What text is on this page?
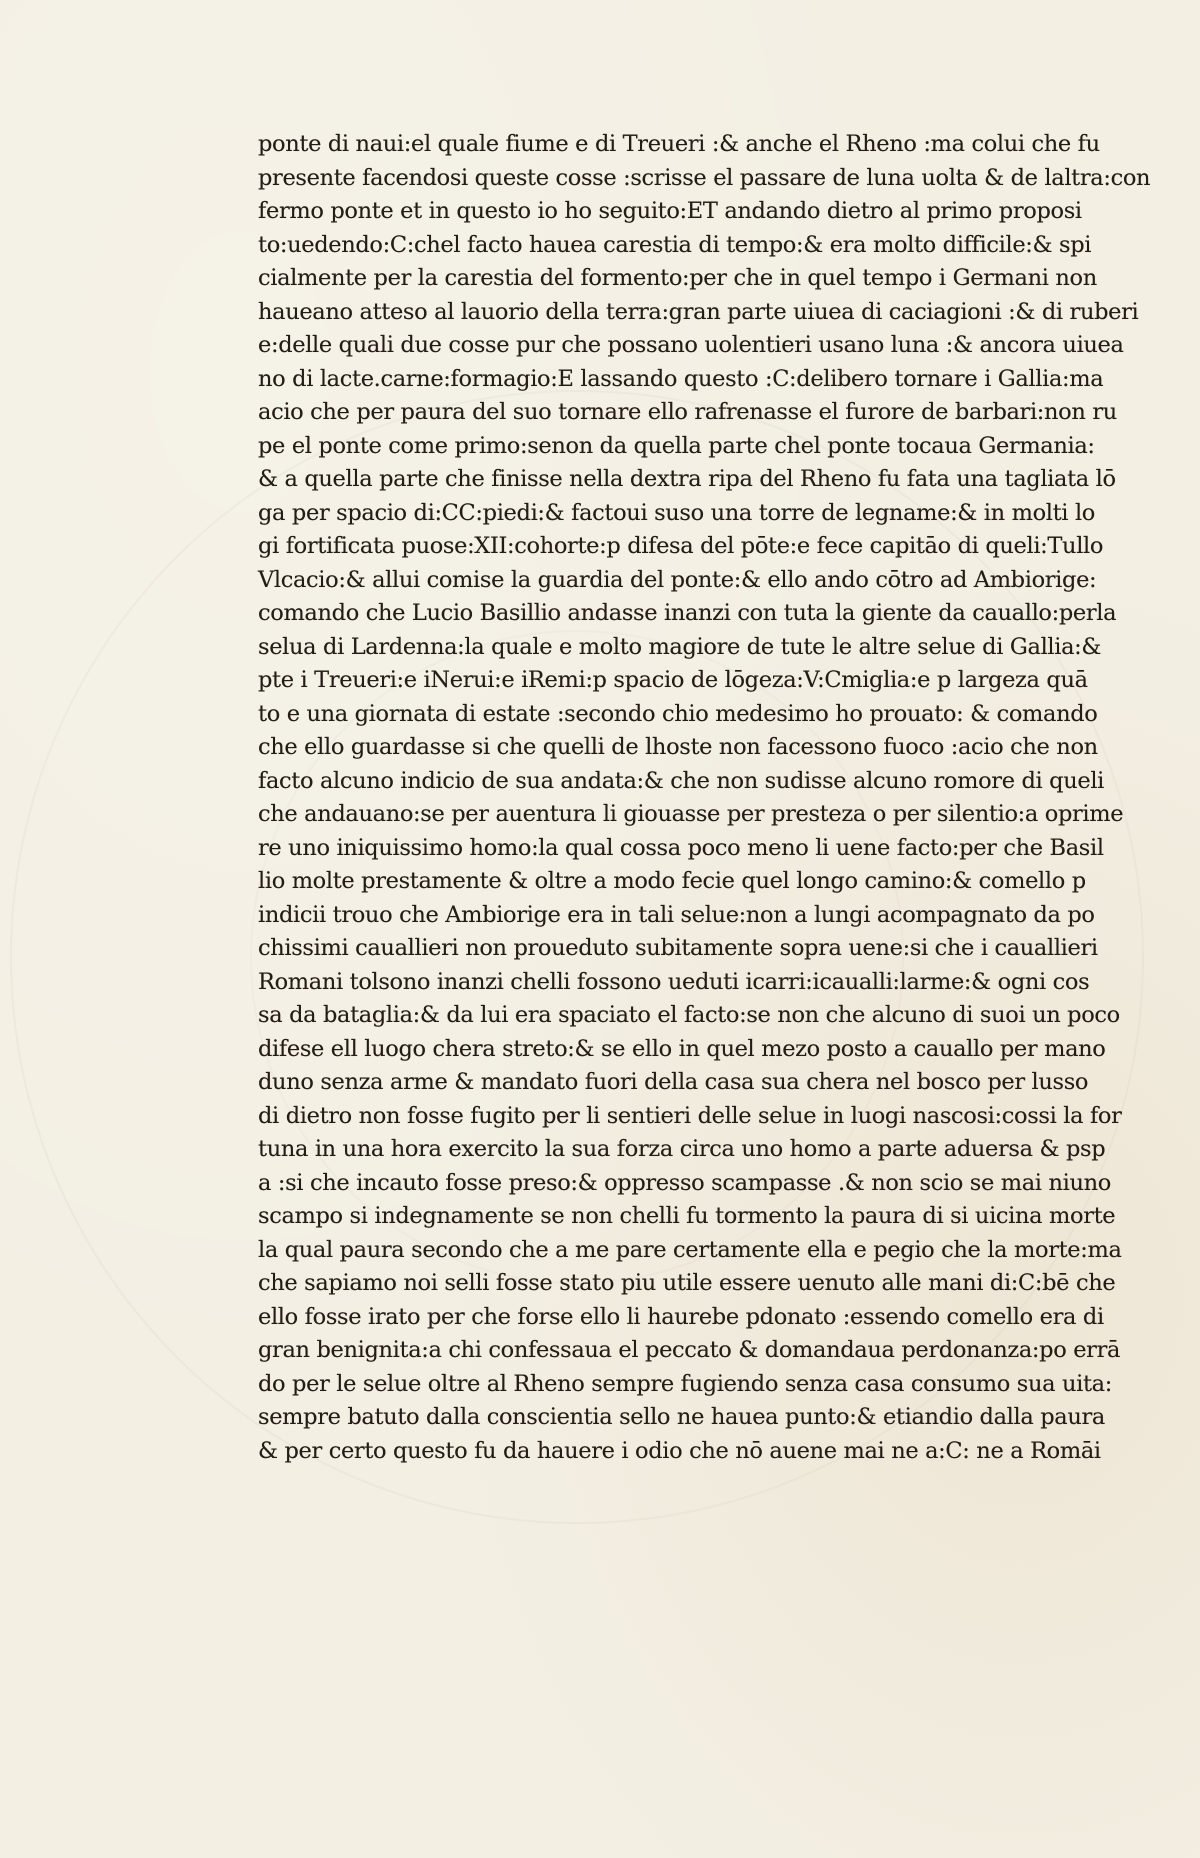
ponte di naui:el quale fiume e di Treueri :& anche el Rheno :ma colui che fu
presente facendosi queste cosse :scrisse el passare de luna uolta & de laltra:con
fermo ponte et in questo io ho seguito:ET andando dietro al primo proposi
to:uedendo:C:chel facto hauea carestia di tempo:& era molto difficile:& spi
cialmente per la carestia del formento:per che in quel tempo i Germani non
haueano atteso al lauorio della terra:gran parte uiuea di caciagioni :& di ruberi
e:delle quali due cosse pur che possano uolentieri usano luna :& ancora uiuea
no di lacte.carne:formagio:E lassando questo :C:delibero tornare i Gallia:ma
acio che per paura del suo tornare ello rafrenasse el furore de barbari:non ru
pe el ponte come primo:senon da quella parte chel ponte tocaua Germania:
& a quella parte che finisse nella dextra ripa del Rheno fu fata una tagliata lō
ga per spacio di:CC:piedi:& factoui suso una torre de legname:& in molti lo
gi fortificata puose:XII:cohorte:p difesa del pōte:e fece capitāo di queli:Tullo
Vlcacio:& allui comise la guardia del ponte:& ello ando cōtro ad Ambiorige:
comando che Lucio Basillio andasse inanzi con tuta la giente da cauallo:perla
selua di Lardenna:la quale e molto magiore de tute le altre selue di Gallia:&
pte i Treueri:e iNerui:e iRemi:p spacio de lōgeza:V:Cmiglia:e p largeza quā
to e una giornata di estate :secondo chio medesimo ho prouato: & comando
che ello guardasse si che quelli de lhoste non facessono fuoco :acio che non
facto alcuno indicio de sua andata:& che non sudisse alcuno romore di queli
che andauano:se per auentura li giouasse per presteza o per silentio:a oprime
re uno iniquissimo homo:la qual cossa poco meno li uene facto:per che Basil
lio molte prestamente & oltre a modo fecie quel longo camino:& comello p
indicii trouo che Ambiorige era in tali selue:non a lungi acompagnato da po
chissimi cauallieri non proueduto subitamente sopra uene:si che i cauallieri
Romani tolsono inanzi chelli fossono ueduti icarri:icaualli:larme:& ogni cos
sa da bataglia:& da lui era spaciato el facto:se non che alcuno di suoi un poco
difese ell luogo chera streto:& se ello in quel mezo posto a cauallo per mano
duno senza arme & mandato fuori della casa sua chera nel bosco per lusso
di dietro non fosse fugito per li sentieri delle selue in luogi nascosi:cossi la for
tuna in una hora exercito la sua forza circa uno homo a parte aduersa & psp
a :si che incauto fosse preso:& oppresso scampasse .& non scio se mai niuno
scampo si indegnamente se non chelli fu tormento la paura di si uicina morte
la qual paura secondo che a me pare certamente ella e pegio che la morte:ma
che sapiamo noi selli fosse stato piu utile essere uenuto alle mani di:C:bē che
ello fosse irato per che forse ello li haurebe pdonato :essendo comello era di
gran benignita:a chi confessaua el peccato & domandaua perdonanza:po errā
do per le selue oltre al Rheno sempre fugiendo senza casa consumo sua uita:
sempre batuto dalla conscientia sello ne hauea punto:& etiandio dalla paura
& per certo questo fu da hauere i odio che nō auene mai ne a:C: ne a Romāi
